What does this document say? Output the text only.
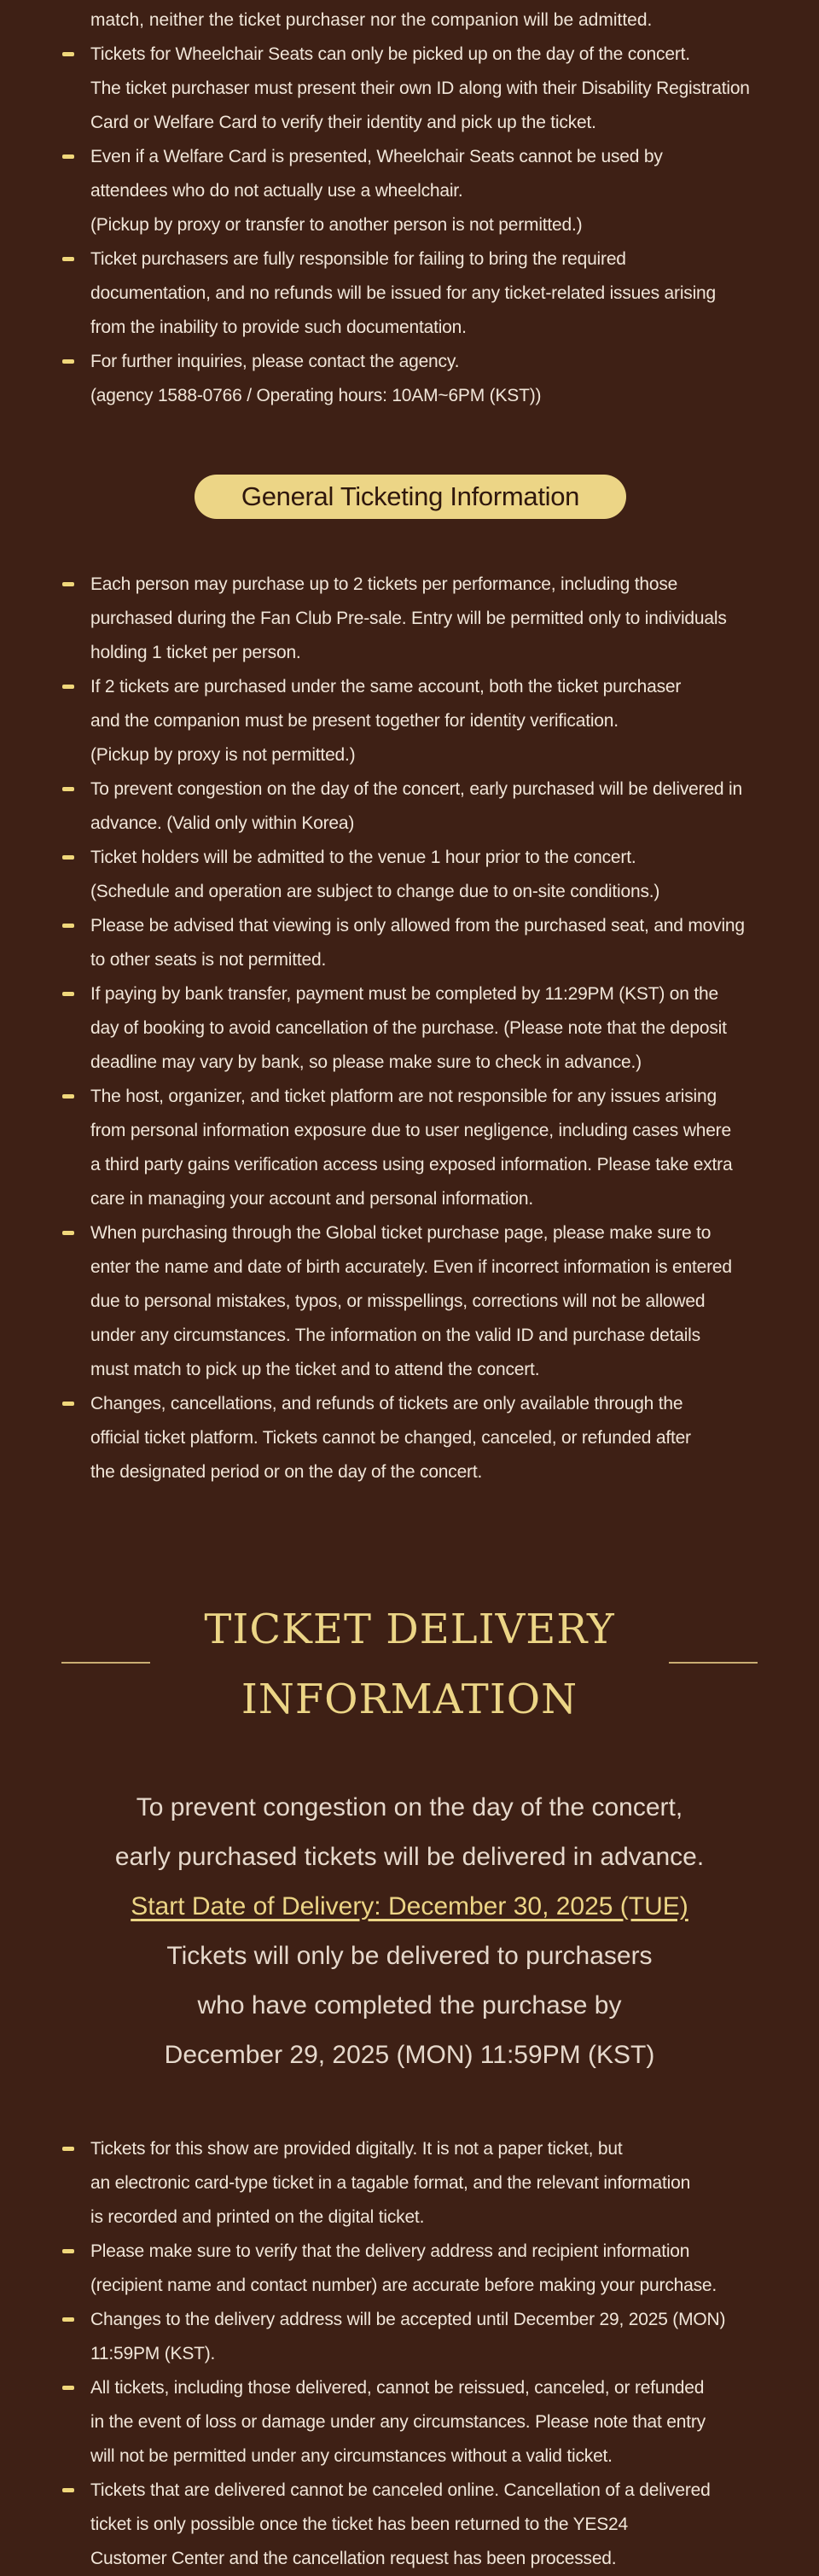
match, neither the ticket purchaser nor the companion will be admitted.
Tickets for Wheelchair Seats can only be picked up on the day of the concert.
The ticket purchaser must present their own ID along with their Disability Registration
Card or Welfare Card to verify their identity and pick up the ticket.
Even if a Welfare Card is presented, Wheelchair Seats cannot be used by
attendees who do not actually use a wheelchair.
(Pickup by proxy or transfer to another person is not permitted.)
Ticket purchasers are fully responsible for failing to bring the required
documentation, and no refunds will be issued for any ticket-related issues arising
from the inability to provide such documentation.
For further inquiries, please contact the agency.
(agency 1588-0766 / Operating hours: 10AM~6PM (KST))
General Ticketing Information
Each person may purchase up to 2 tickets per performance, including those
purchased during the Fan Club Pre-sale. Entry will be permitted only to individuals
holding 1 ticket per person.
If 2 tickets are purchased under the same account, both the ticket purchaser
and the companion must be present together for identity verification.
(Pickup by proxy is not permitted.)
To prevent congestion on the day of the concert, early purchased will be delivered in
advance. (Valid only within Korea)
Ticket holders will be admitted to the venue 1 hour prior to the concert.
(Schedule and operation are subject to change due to on-site conditions.)
Please be advised that viewing is only allowed from the purchased seat, and moving
to other seats is not permitted.
If paying by bank transfer, payment must be completed by 11:29PM (KST) on the
day of booking to avoid cancellation of the purchase. (Please note that the deposit
deadline may vary by bank, so please make sure to check in advance.)
The host, organizer, and ticket platform are not responsible for any issues arising
from personal information exposure due to user negligence, including cases where
a third party gains verification access using exposed information. Please take extra
care in managing your account and personal information.
When purchasing through the Global ticket purchase page, please make sure to
enter the name and date of birth accurately. Even if incorrect information is entered
due to personal mistakes, typos, or misspellings, corrections will not be allowed
under any circumstances. The information on the valid ID and purchase details
must match to pick up the ticket and to attend the concert.
Changes, cancellations, and refunds of tickets are only available through the
official ticket platform. Tickets cannot be changed, canceled, or refunded after
the designated period or on the day of the concert.
TICKET DELIVERY
INFORMATION
To prevent congestion on the day of the concert,
early purchased tickets will be delivered in advance.
Start Date of Delivery: December 30, 2025 (TUE)
Tickets will only be delivered to purchasers
who have completed the purchase by
December 29, 2025 (MON) 11:59PM (KST)
Tickets for this show are provided digitally. It is not a paper ticket, but
an electronic card-type ticket in a tagable format, and the relevant information
is recorded and printed on the digital ticket.
Please make sure to verify that the delivery address and recipient information
(recipient name and contact number) are accurate before making your purchase.
Changes to the delivery address will be accepted until December 29, 2025 (MON)
11:59PM (KST).
All tickets, including those delivered, cannot be reissued, canceled, or refunded
in the event of loss or damage under any circumstances. Please note that entry
will not be permitted under any circumstances without a valid ticket.
Tickets that are delivered cannot be canceled online. Cancellation of a delivered
ticket is only possible once the ticket has been returned to the YES24
Customer Center and the cancellation request has been processed.
